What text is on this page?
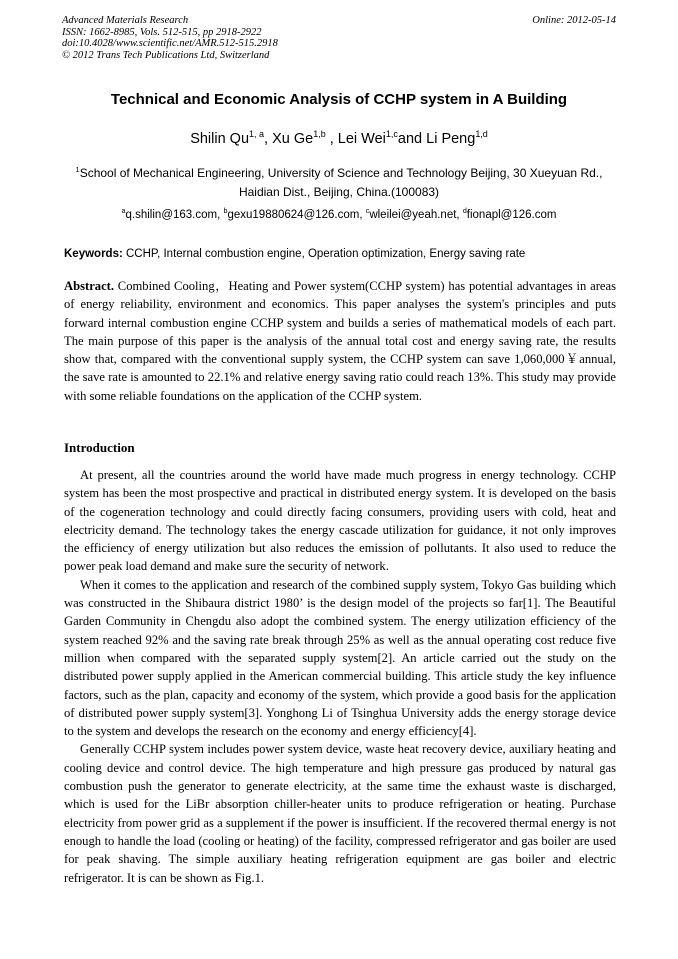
Advanced Materials Research
ISSN: 1662-8985, Vols. 512-515, pp 2918-2922
doi:10.4028/www.scientific.net/AMR.512-515.2918
© 2012 Trans Tech Publications Ltd, Switzerland
Online: 2012-05-14
Technical and Economic Analysis of CCHP system in A Building
Shilin Qu$^{1, a}$, Xu Ge$^{1,b}$ , Lei Wei$^{1,c}$and Li Peng$^{1,d}$
$^1$School of Mechanical Engineering, University of Science and Technology Beijing, 30 Xueyuan Rd., Haidian Dist., Beijing, China.(100083)
$^a$q.shilin@163.com, $^b$gexu19880624@126.com, $^c$wleilei@yeah.net, $^d$fionapl@126.com
Keywords: CCHP, Internal combustion engine, Operation optimization, Energy saving rate
Abstract. Combined Cooling，Heating and Power system(CCHP system) has potential advantages in areas of energy reliability, environment and economics. This paper analyses the system's principles and puts forward internal combustion engine CCHP system and builds a series of mathematical models of each part. The main purpose of this paper is the analysis of the annual total cost and energy saving rate, the results show that, compared with the conventional supply system, the CCHP system can save 1,060,000￥annual, the save rate is amounted to 22.1% and relative energy saving ratio could reach 13%. This study may provide with some reliable foundations on the application of the CCHP system.
Introduction

At present, all the countries around the world have made much progress in energy technology. CCHP system has been the most prospective and practical in distributed energy system. It is developed on the basis of the cogeneration technology and could directly facing consumers, providing users with cold, heat and electricity demand. The technology takes the energy cascade utilization for guidance, it not only improves the efficiency of energy utilization but also reduces the emission of pollutants. It also used to reduce the power peak load demand and make sure the security of network.

When it comes to the application and research of the combined supply system, Tokyo Gas building which was constructed in the Shibaura district 1980’ is the design model of the projects so far[1]. The Beautiful Garden Community in Chengdu also adopt the combined system. The energy utilization efficiency of the system reached 92% and the saving rate break through 25% as well as the annual operating cost reduce five million when compared with the separated supply system[2]. An article carried out the study on the distributed power supply applied in the American commercial building. This article study the key influence factors, such as the plan, capacity and economy of the system, which provide a good basis for the application of distributed power supply system[3]. Yonghong Li of Tsinghua University adds the energy storage device to the system and develops the research on the economy and energy efficiency[4].

Generally CCHP system includes power system device, waste heat recovery device, auxiliary heating and cooling device and control device. The high temperature and high pressure gas produced by natural gas combustion push the generator to generate electricity, at the same time the exhaust waste is discharged, which is used for the LiBr absorption chiller-heater units to produce refrigeration or heating. Purchase electricity from power grid as a supplement if the power is insufficient. If the recovered thermal energy is not enough to handle the load (cooling or heating) of the facility, compressed refrigerator and gas boiler are used for peak shaving. The simple auxiliary heating refrigeration equipment are gas boiler and electric refrigerator. It is can be shown as Fig.1.
